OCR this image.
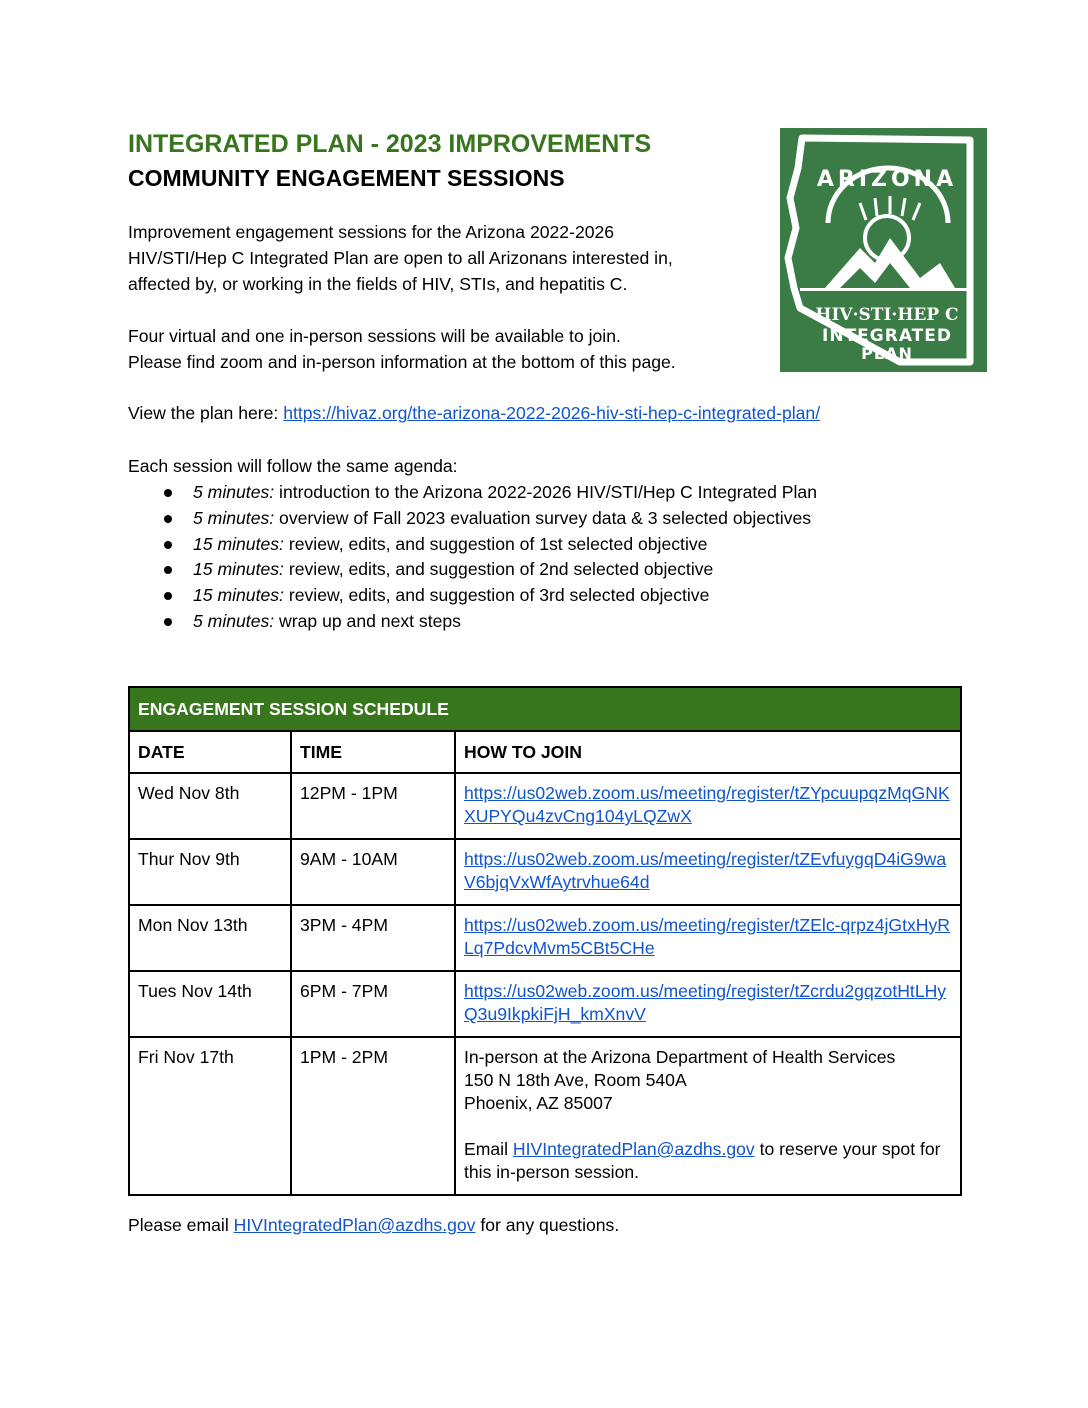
INTEGRATED PLAN - 2023 IMPROVEMENTS
COMMUNITY ENGAGEMENT SESSIONS	ARIZONA
HIV·STI·HEP C
INTEGRATED
PLAN
Improvement engagement sessions for the Arizona 2022-2026
HIV/STI/Hep C Integrated Plan are open to all Arizonans interested in,
affected by, or working in the fields of HIV, STIs, and hepatitis C.
Four virtual and one in-person sessions will be available to join.
Please find zoom and in-person information at the bottom of this page.
View the plan here: https://hivaz.org/the-arizona-2022-2026-hiv-sti-hep-c-integrated-plan/
Each session will follow the same agenda:
5 minutes: introduction to the Arizona 2022-2026 HIV/STI/Hep C Integrated Plan
5 minutes: overview of Fall 2023 evaluation survey data & 3 selected objectives
15 minutes: review, edits, and suggestion of 1st selected objective
15 minutes: review, edits, and suggestion of 2nd selected objective
15 minutes: review, edits, and suggestion of 3rd selected objective
5 minutes: wrap up and next steps
ENGAGEMENT SESSION SCHEDULE		
DATE	TIME	HOW TO JOIN
Wed Nov 8th	12PM - 1PM	https://us02web.zoom.us/meeting/register/tZYpcuupqzMqGNKXUPYQu4zvCng104yLQZwX
Thur Nov 9th	9AM - 10AM	https://us02web.zoom.us/meeting/register/tZEvfuygqD4iG9waV6bjqVxWfAytrvhue64d
Mon Nov 13th	3PM - 4PM	https://us02web.zoom.us/meeting/register/tZElc-qrpz4jGtxHyRLq7PdcvMvm5CBt5CHe
Tues Nov 14th	6PM - 7PM	https://us02web.zoom.us/meeting/register/tZcrdu2gqzotHtLHyQ3u9IkpkiFjH_kmXnvV
Fri Nov 17th	1PM - 2PM	In-person at the Arizona Department of Health Services
150 N 18th Ave, Room 540A
Phoenix, AZ 85007
Email HIVIntegratedPlan@azdhs.gov to reserve your spot for this in-person session.
Please email HIVIntegratedPlan@azdhs.gov for any questions.
